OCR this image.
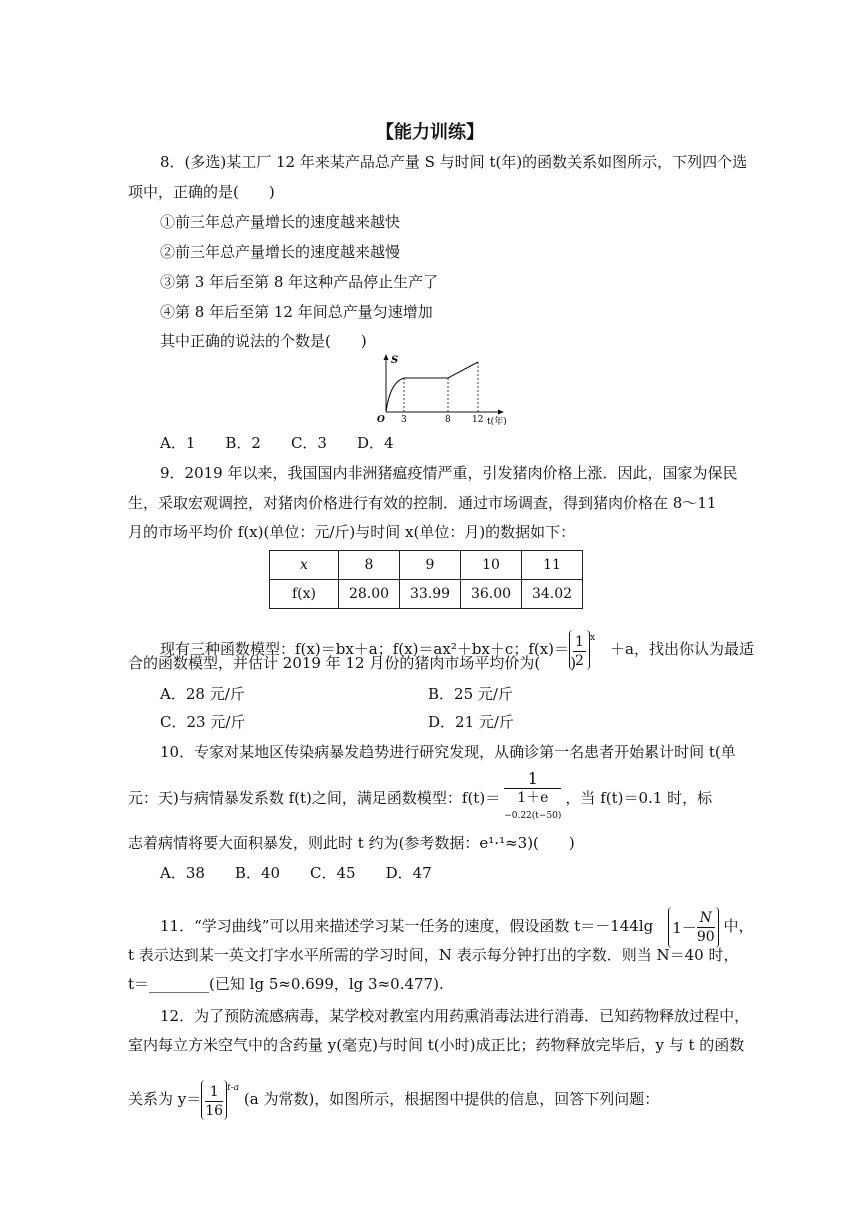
【能力训练】
8．(多选)某工厂 12 年来某产品总产量 S 与时间 t(年)的函数关系如图所示，下列四个选
项中，正确的是(　　)
①前三年总产量增长的速度越来越快
②前三年总产量增长的速度越来越慢
③第 3 年后至第 8 年这种产品停止生产了
④第 8 年后至第 12 年间总产量匀速增加
其中正确的说法的个数是(　　)
S
O 3	8 12 t(年)
A．1　　B．2　　C．3　　D．4
9．2019 年以来，我国国内非洲猪瘟疫情严重，引发猪肉价格上涨．因此，国家为保民
生，采取宏观调控，对猪肉价格进行有效的控制．通过市场调查，得到猪肉价格在 8～11
月的市场平均价 f(x)(单位：元/斤)与时间 x(单位：月)的数据如下：
x	8	9	10	11
f(x)	28.00	33.99	36.00	34.02
现有三种函数模型：f(x)＝bx＋a；f(x)＝ax²＋bx＋c；$f(x)= \frac{1}{2} ^x$　＋a，找出你认为最适
合的函数模型，并估计 2019 年 12 月份的猪肉市场平均价为(　　)
A．28 元/斤	B．25 元/斤
C．23 元/斤	D．21 元/斤
10．专家对某地区传染病暴发趋势进行研究发现，从确诊第一名患者开始累计时间 t(单
元：天)与病情暴发系数 f(t)之间，满足函数模型：f(t)＝ 1
1＋e
$^{-0.22(t-50)}$ ，当 f(t)＝0.1 时，标
志着病情将要大面积暴发，则此时 t 约为(参考数据：e¹·¹≈3)(　　)
A．38　　B．40　　C．45　　D．47
11．“学习曲线”可以用来描述学习某一任务的速度，假设函数 t＝－144lg　 $1- \frac{N}{90}$ 中，
t 表示达到某一英文打字水平所需的学习时间，N 表示每分钟打出的字数．则当 N＝40 时，
t＝________(已知 lg 5≈0.699，lg 3≈0.477).
12．为了预防流感病毒，某学校对教室内用药熏消毒法进行消毒．已知药物释放过程中，
室内每立方米空气中的含药量 y(毫克)与时间 t(小时)成正比；药物释放完毕后，y 与 t 的函数
关系为 $y= \frac{1}{16} ^{t-a}$ (a 为常数)，如图所示，根据图中提供的信息，回答下列问题：
